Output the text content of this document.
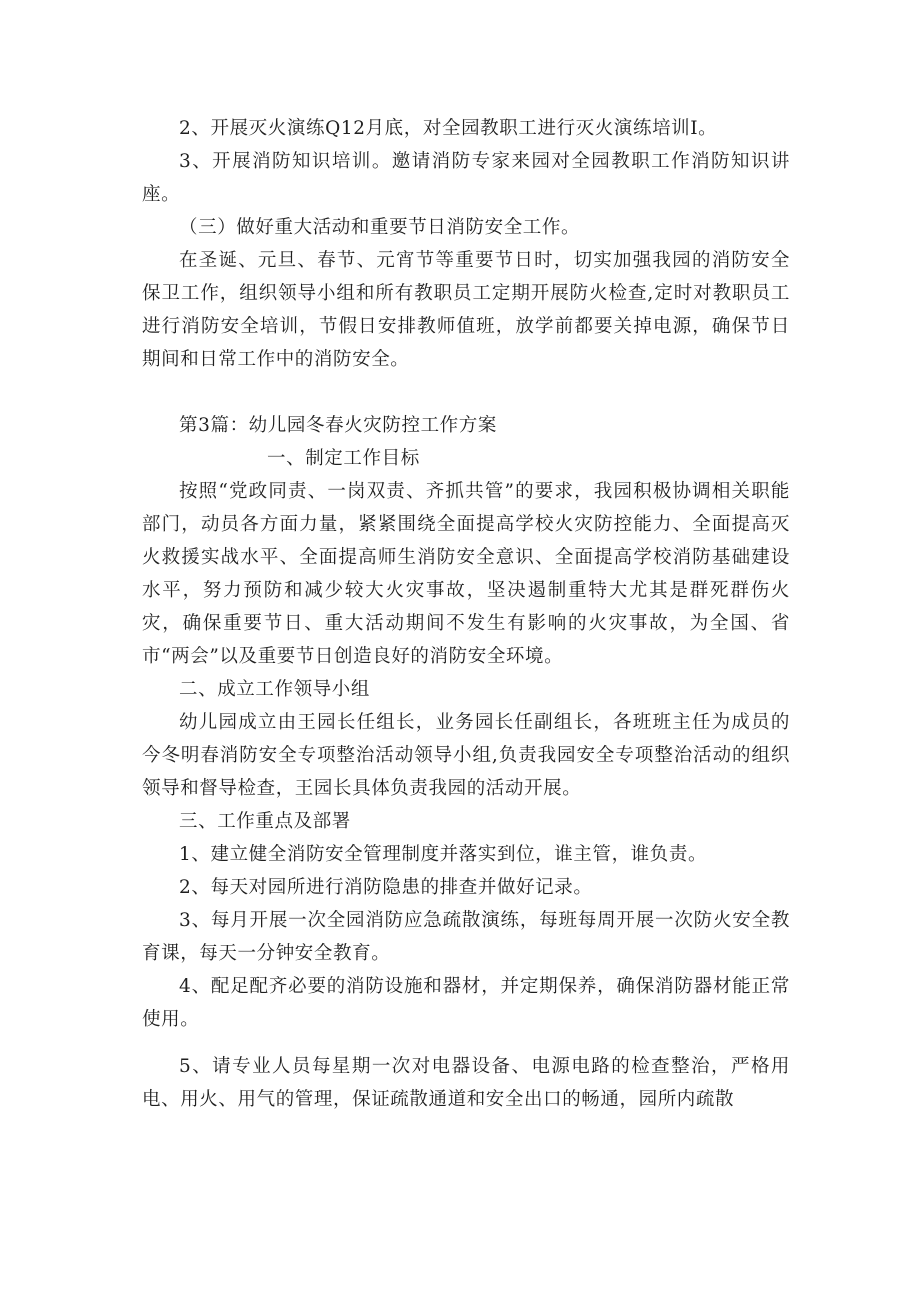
2、开展灭火演练Q12月底，对全园教职工进行灭火演练培训I。

3、开展消防知识培训。邀请消防专家来园对全园教职工作消防知识讲座。

（三）做好重大活动和重要节日消防安全工作。

在圣诞、元旦、春节、元宵节等重要节日时，切实加强我园的消防安全保卫工作，组织领导小组和所有教职员工定期开展防火检查,定时对教职员工进行消防安全培训，节假日安排教师值班，放学前都要关掉电源，确保节日期间和日常工作中的消防安全。

第3篇：幼儿园冬春火灾防控工作方案

一、制定工作目标

按照“党政同责、一岗双责、齐抓共管”的要求，我园积极协调相关职能部门，动员各方面力量，紧紧围绕全面提高学校火灾防控能力、全面提高灭火救援实战水平、全面提高师生消防安全意识、全面提高学校消防基础建设水平，努力预防和减少较大火灾事故，坚决遏制重特大尤其是群死群伤火灾，确保重要节日、重大活动期间不发生有影响的火灾事故，为全国、省市“两会”以及重要节日创造良好的消防安全环境。

二、成立工作领导小组

幼儿园成立由王园长任组长，业务园长任副组长，各班班主任为成员的今冬明春消防安全专项整治活动领导小组,负责我园安全专项整治活动的组织领导和督导检查，王园长具体负责我园的活动开展。

三、工作重点及部署

1、建立健全消防安全管理制度并落实到位，谁主管，谁负责。

2、每天对园所进行消防隐患的排查并做好记录。

3、每月开展一次全园消防应急疏散演练，每班每周开展一次防火安全教育课，每天一分钟安全教育。

4、配足配齐必要的消防设施和器材，并定期保养，确保消防器材能正常使用。

5、请专业人员每星期一次对电器设备、电源电路的检查整治，严格用电、用火、用气的管理，保证疏散通道和安全出口的畅通，园所内疏散
